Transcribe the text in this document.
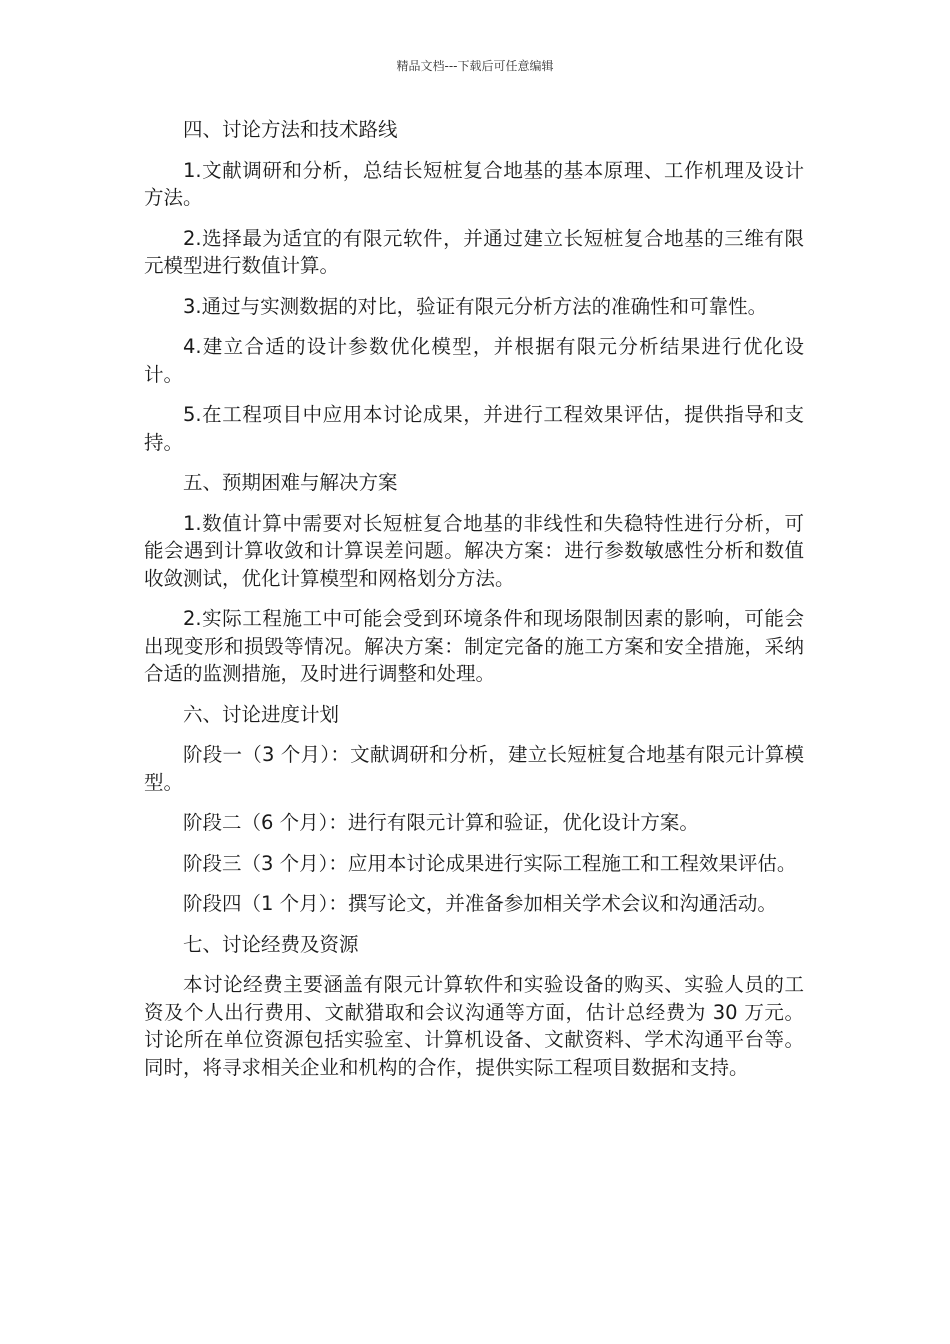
精品文档---下载后可任意编辑

四、讨论方法和技术路线

1.文献调研和分析，总结长短桩复合地基的基本原理、工作机理及设计方法。

2.选择最为适宜的有限元软件，并通过建立长短桩复合地基的三维有限元模型进行数值计算。

3.通过与实测数据的对比，验证有限元分析方法的准确性和可靠性。

4.建立合适的设计参数优化模型，并根据有限元分析结果进行优化设计。

5.在工程项目中应用本讨论成果，并进行工程效果评估，提供指导和支持。

五、预期困难与解决方案

1.数值计算中需要对长短桩复合地基的非线性和失稳特性进行分析，可能会遇到计算收敛和计算误差问题。解决方案：进行参数敏感性分析和数值收敛测试，优化计算模型和网格划分方法。

2.实际工程施工中可能会受到环境条件和现场限制因素的影响，可能会出现变形和损毁等情况。解决方案：制定完备的施工方案和安全措施，采纳合适的监测措施，及时进行调整和处理。

六、讨论进度计划

阶段一（3 个月）：文献调研和分析，建立长短桩复合地基有限元计算模型。

阶段二（6 个月）：进行有限元计算和验证，优化设计方案。

阶段三（3 个月）：应用本讨论成果进行实际工程施工和工程效果评估。

阶段四（1 个月）：撰写论文，并准备参加相关学术会议和沟通活动。

七、讨论经费及资源

本讨论经费主要涵盖有限元计算软件和实验设备的购买、实验人员的工资及个人出行费用、文献猎取和会议沟通等方面，估计总经费为 30 万元。讨论所在单位资源包括实验室、计算机设备、文献资料、学术沟通平台等。同时，将寻求相关企业和机构的合作，提供实际工程项目数据和支持。
